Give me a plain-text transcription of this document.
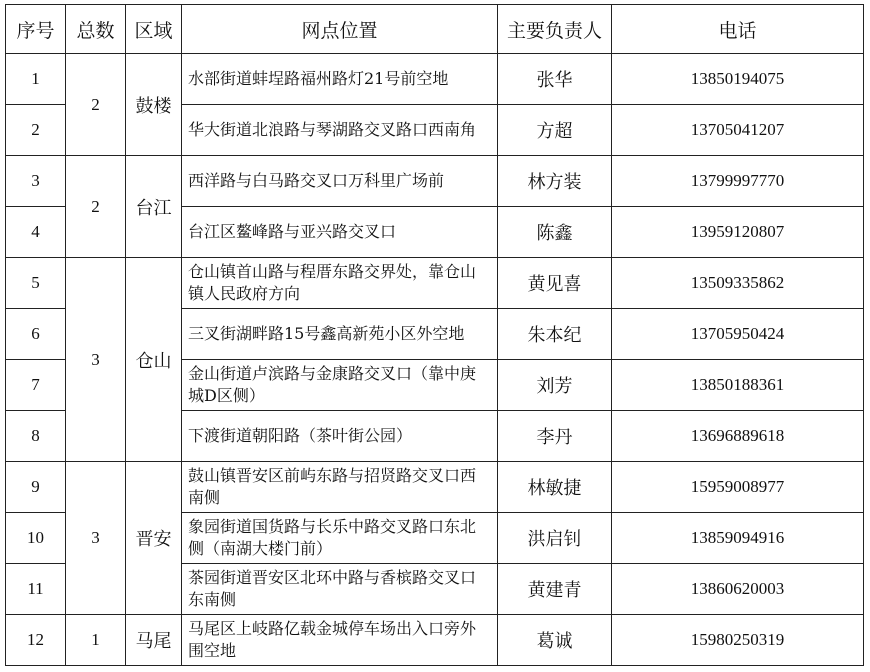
序号	总数	区域	网点位置	主要负责人	电话
1	2	鼓楼	水部街道蚌埕路福州路灯21号前空地	张华	13850194075
2			华大街道北浪路与琴湖路交叉路口西南角	方超	13705041207
3	2	台江	西洋路与白马路交叉口万科里广场前	林方装	13799997770
4			台江区鳌峰路与亚兴路交叉口	陈鑫	13959120807
5	3	仓山	仓山镇首山路与程厝东路交界处，靠仓山镇人民政府方向	黄见喜	13509335862
6			三叉街湖畔路15号鑫高新苑小区外空地	朱本纪	13705950424
7			金山街道卢滨路与金康路交叉口（靠中庚城D区侧）	刘芳	13850188361
8			下渡街道朝阳路（茶叶街公园）	李丹	13696889618
9	3	晋安	鼓山镇晋安区前屿东路与招贤路交叉口西南侧	林敏捷	15959008977
10			象园街道国货路与长乐中路交叉路口东北侧（南湖大楼门前）	洪启钊	13859094916
11			茶园街道晋安区北环中路与香槟路交叉口东南侧	黄建青	13860620003
12	1	马尾	马尾区上岐路亿载金城停车场出入口旁外围空地	葛诚	15980250319
